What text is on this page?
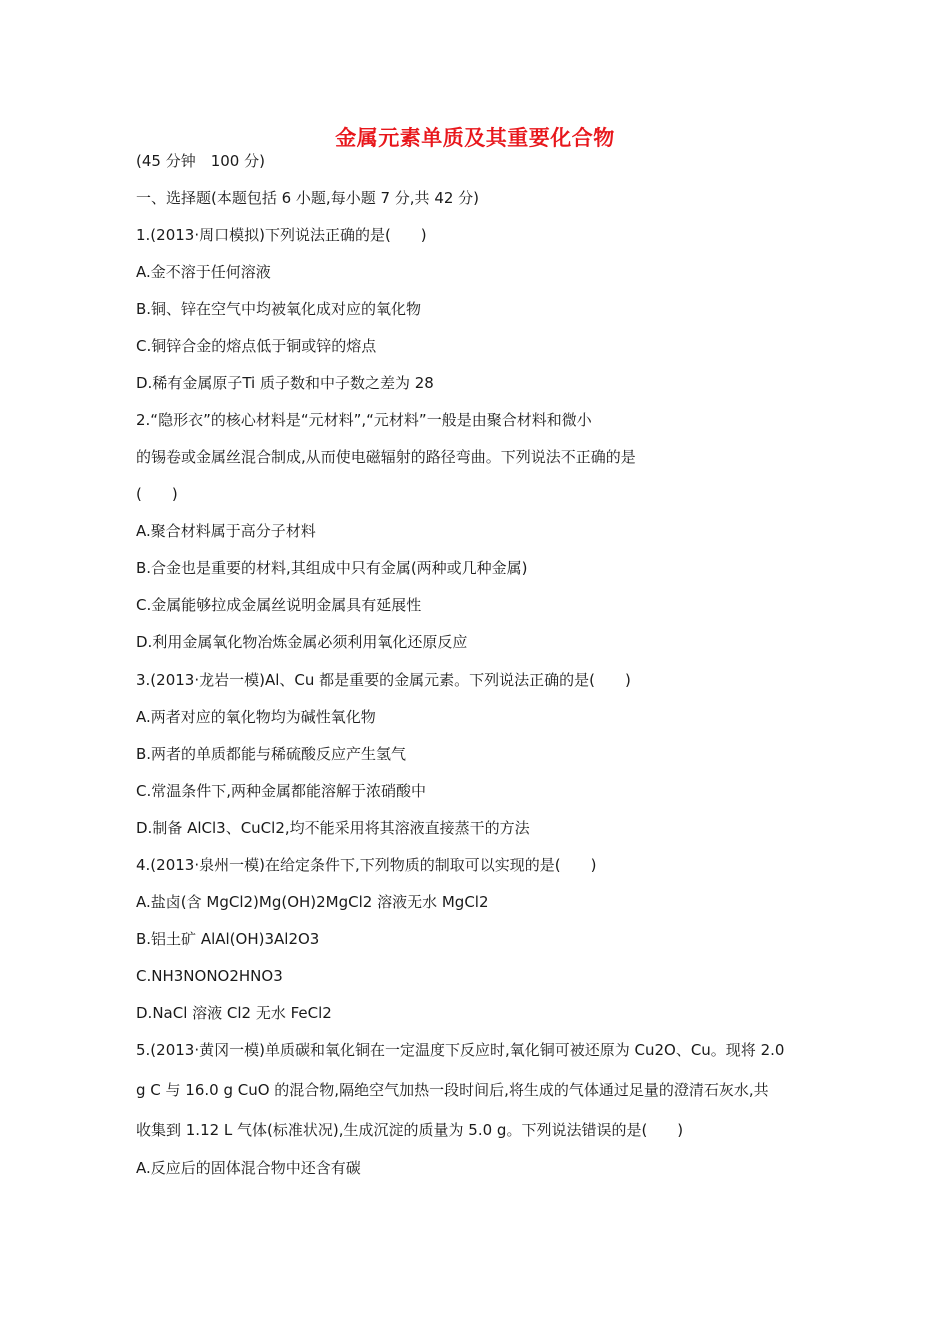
金属元素单质及其重要化合物
(45 分钟　100 分)
一、选择题(本题包括 6 小题,每小题 7 分,共 42 分)
1.(2013·周口模拟)下列说法正确的是(　　)
A.金不溶于任何溶液
B.铜、锌在空气中均被氧化成对应的氧化物
C.铜锌合金的熔点低于铜或锌的熔点
D.稀有金属原子Ti 质子数和中子数之差为 28
2.“隐形衣”的核心材料是“元材料”,“元材料”一般是由聚合材料和微小
的锡卷或金属丝混合制成,从而使电磁辐射的路径弯曲。下列说法不正确的是
(　　)
A.聚合材料属于高分子材料
B.合金也是重要的材料,其组成中只有金属(两种或几种金属)
C.金属能够拉成金属丝说明金属具有延展性
D.利用金属氧化物冶炼金属必须利用氧化还原反应
3.(2013·龙岩一模)Al、Cu 都是重要的金属元素。下列说法正确的是(　　)
A.两者对应的氧化物均为碱性氧化物
B.两者的单质都能与稀硫酸反应产生氢气
C.常温条件下,两种金属都能溶解于浓硝酸中
D.制备 AlCl3、CuCl2,均不能采用将其溶液直接蒸干的方法
4.(2013·泉州一模)在给定条件下,下列物质的制取可以实现的是(　　)
A.盐卤(含 MgCl2)Mg(OH)2MgCl2 溶液无水 MgCl2
B.铝土矿 AlAl(OH)3Al2O3
C.NH3NONO2HNO3
D.NaCl 溶液 Cl2 无水 FeCl2
5.(2013·黄冈一模)单质碳和氧化铜在一定温度下反应时,氧化铜可被还原为 Cu2O、Cu。现将 2.0
g C 与 16.0 g CuO 的混合物,隔绝空气加热一段时间后,将生成的气体通过足量的澄清石灰水,共
收集到 1.12 L 气体(标准状况),生成沉淀的质量为 5.0 g。下列说法错误的是(　　)
A.反应后的固体混合物中还含有碳
